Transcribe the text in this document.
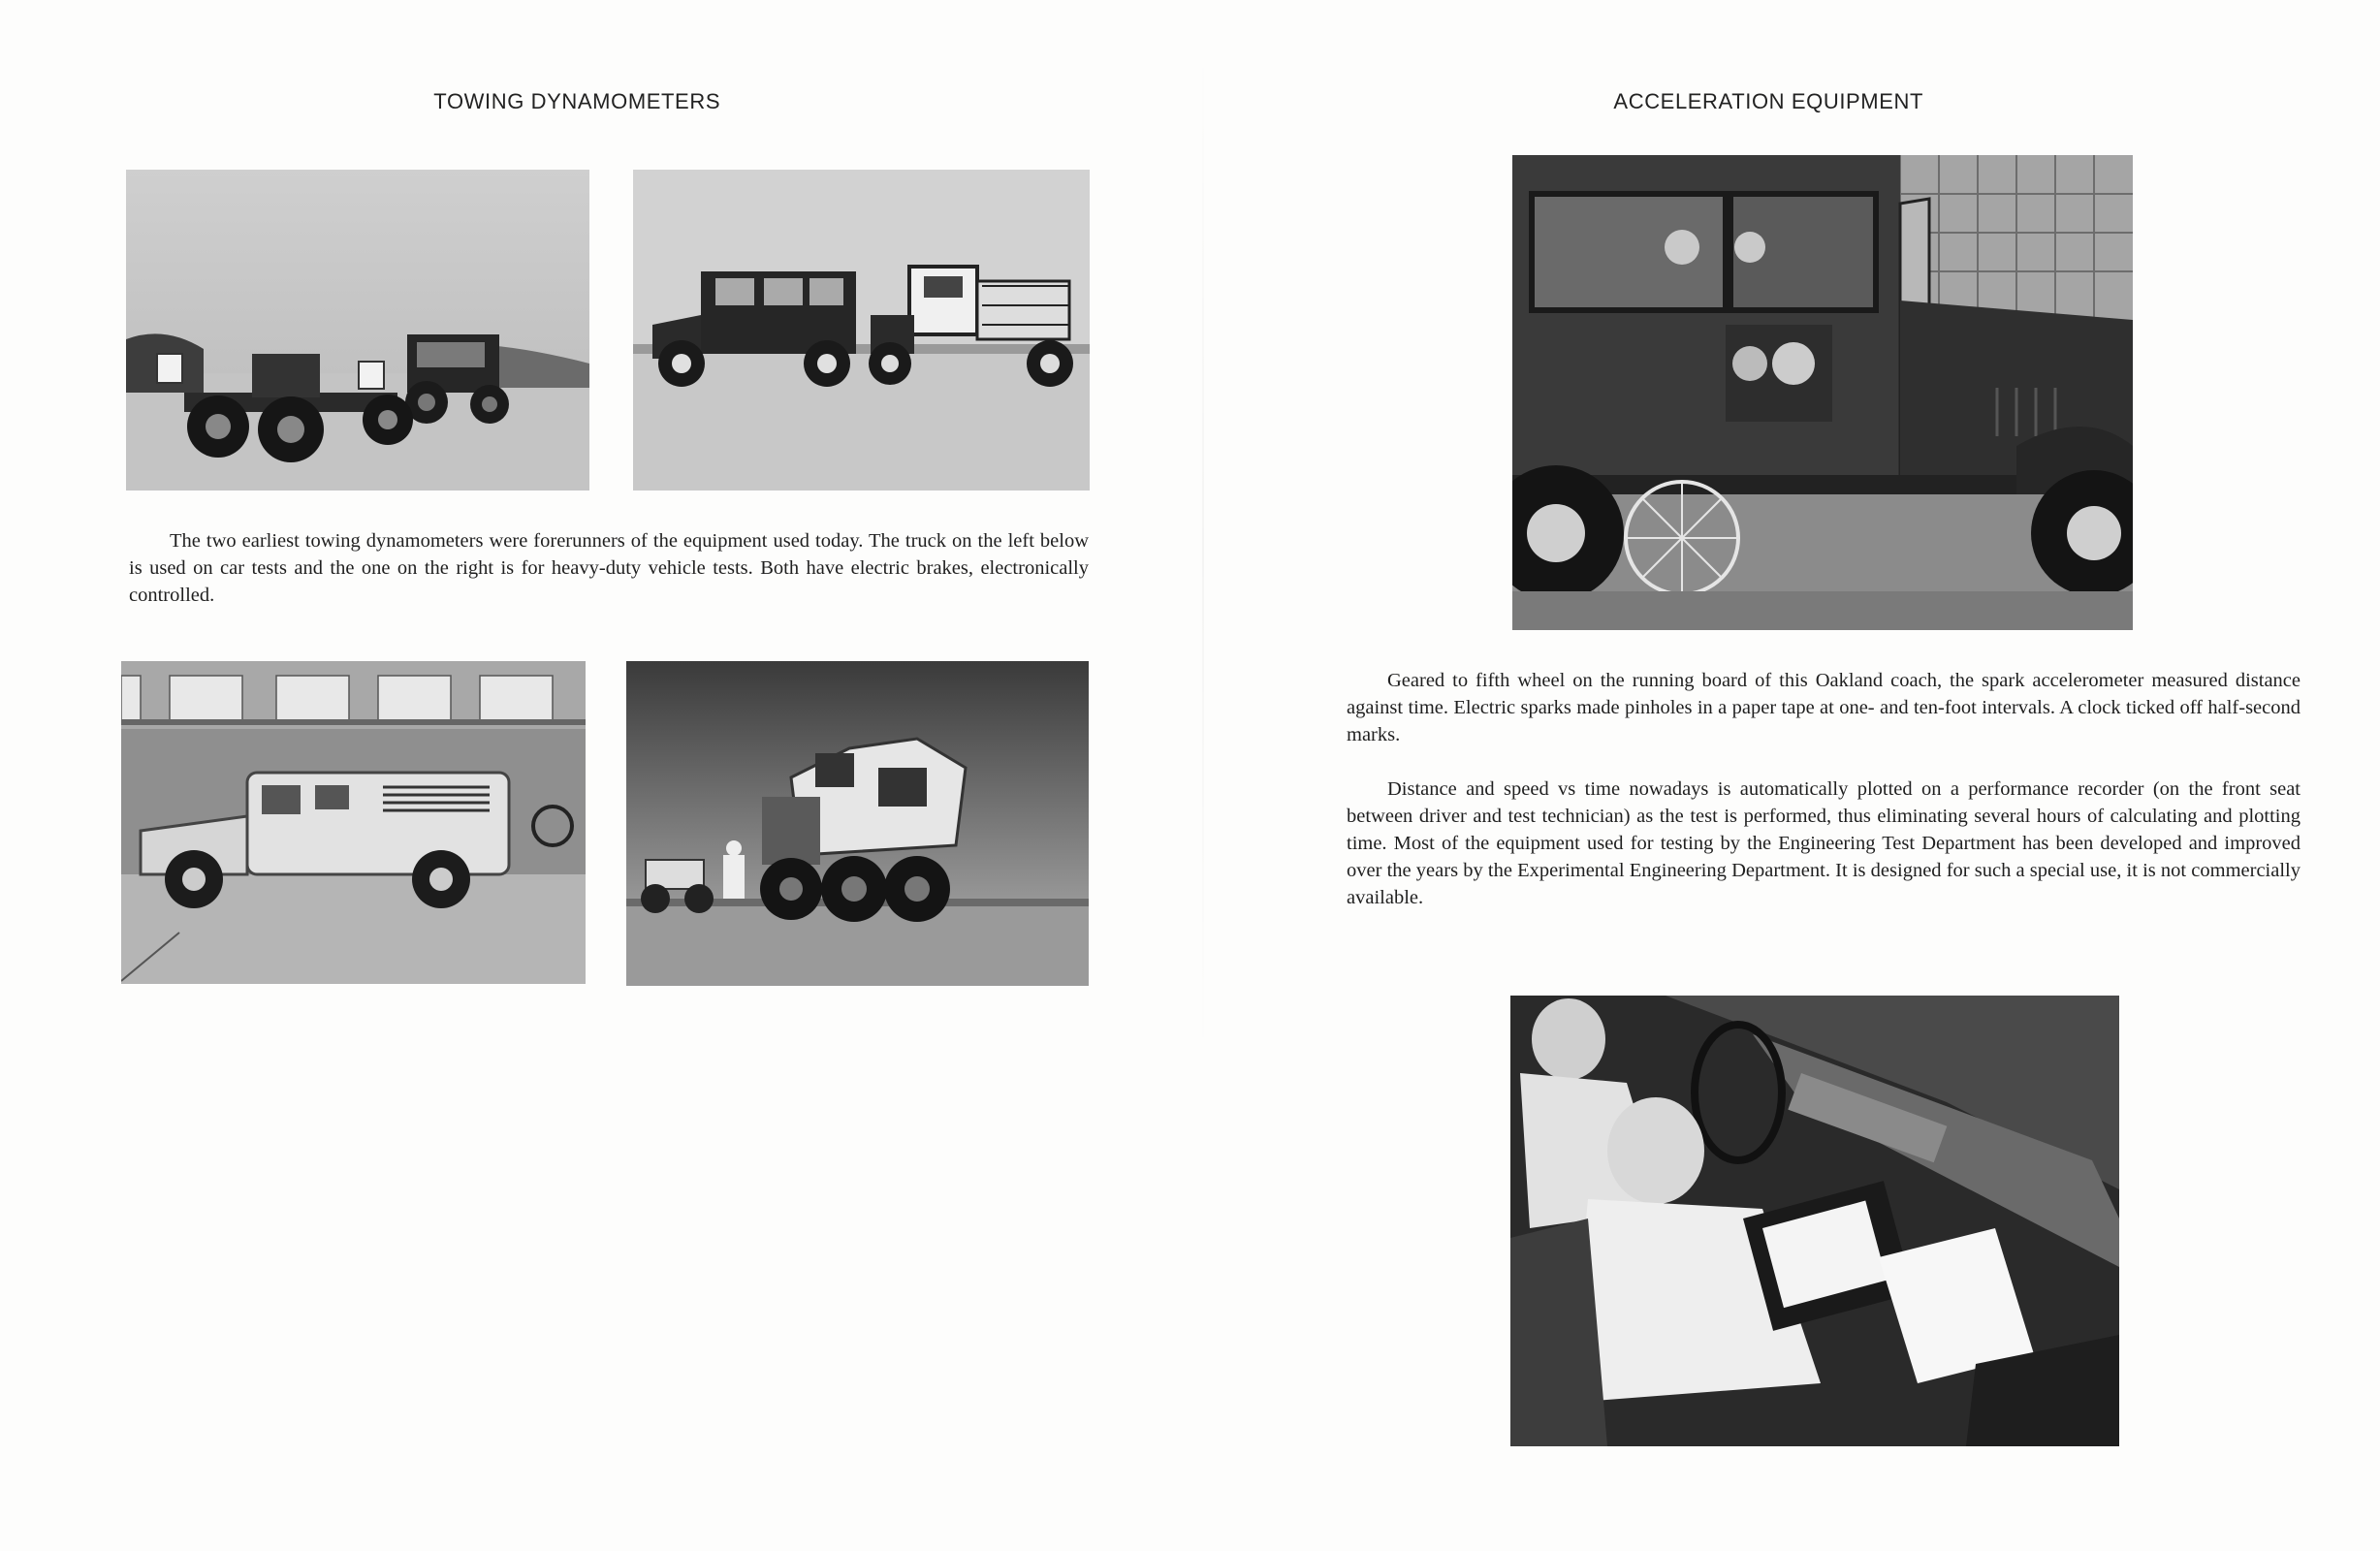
TOWING DYNAMOMETERS

The two earliest towing dynamometers were forerunners of the equipment used today. The truck on the left below is used on car tests and the one on the right is for heavy-duty vehicle tests. Both have electric brakes, electronically controlled.

ACCELERATION EQUIPMENT

Geared to fifth wheel on the running board of this Oakland coach, the spark accelerometer measured distance against time. Electric sparks made pinholes in a paper tape at one- and ten-foot intervals. A clock ticked off half-second marks.

Distance and speed vs time nowadays is automatically plotted on a performance recorder (on the front seat between driver and test technician) as the test is performed, thus eliminating several hours of calculating and plotting time. Most of the equipment used for testing by the Engineering Test Department has been developed and improved over the years by the Experimental Engineering Department. It is designed for such a special use, it is not commercially available.
